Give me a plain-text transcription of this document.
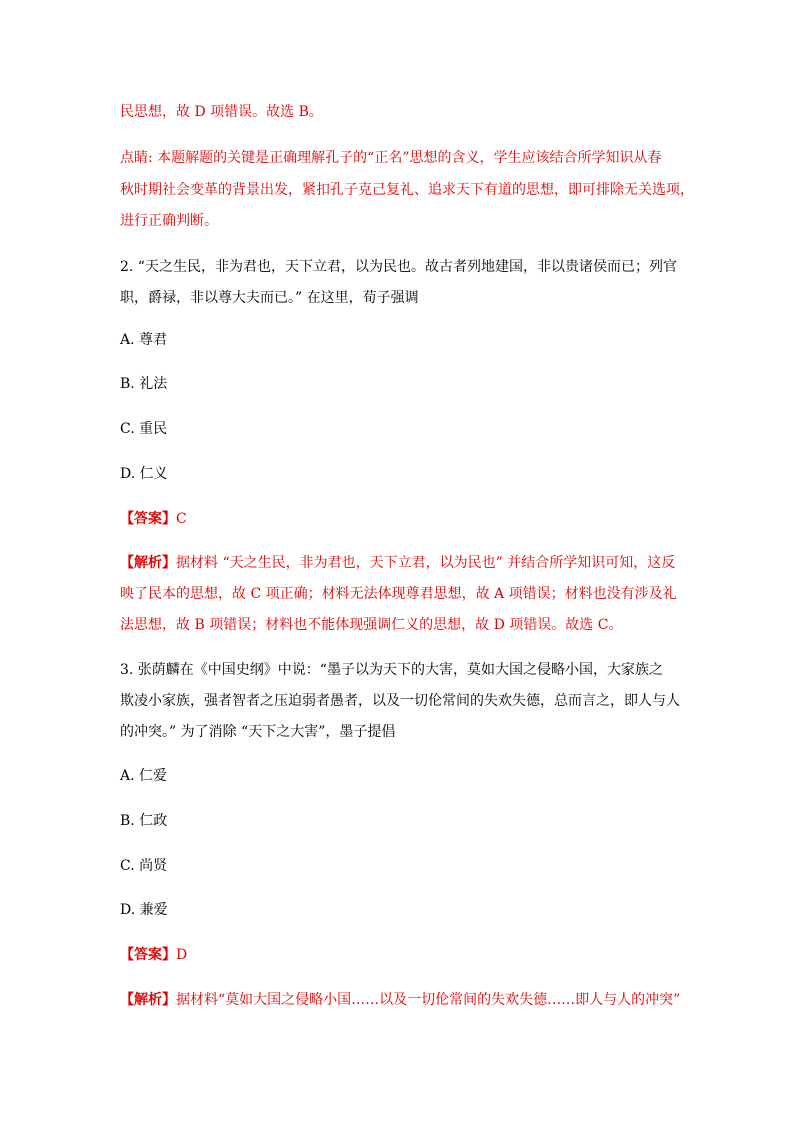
民思想，故 D 项错误。故选 B。
点睛: 本题解题的关键是正确理解孔子的“正名”思想的含义，学生应该结合所学知识从春
秋时期社会变革的背景出发，紧扣孔子克己复礼、追求天下有道的思想，即可排除无关选项，
进行正确判断。
2. “天之生民，非为君也，天下立君，以为民也。故古者列地建国，非以贵诸侯而已；列官
职，爵禄，非以尊大夫而已。” 在这里，荀子强调
A. 尊君
B. 礼法
C. 重民
D. 仁义
【答案】C
【解析】据材料 “天之生民，非为君也，天下立君，以为民也” 并结合所学知识可知，这反
映了民本的思想，故 C 项正确；材料无法体现尊君思想，故 A 项错误；材料也没有涉及礼
法思想，故 B 项错误；材料也不能体现强调仁义的思想，故 D 项错误。故选 C。
3. 张荫麟在《中国史纲》中说：“墨子以为天下的大害，莫如大国之侵略小国，大家族之
欺凌小家族，强者智者之压迫弱者愚者，以及一切伦常间的失欢失德，总而言之，即人与人
的冲突。” 为了消除 “天下之大害”，墨子提倡
A. 仁爱
B. 仁政
C. 尚贤
D. 兼爱
【答案】D
【解析】据材料“莫如大国之侵略小国……以及一切伦常间的失欢失德……即人与人的冲突”
